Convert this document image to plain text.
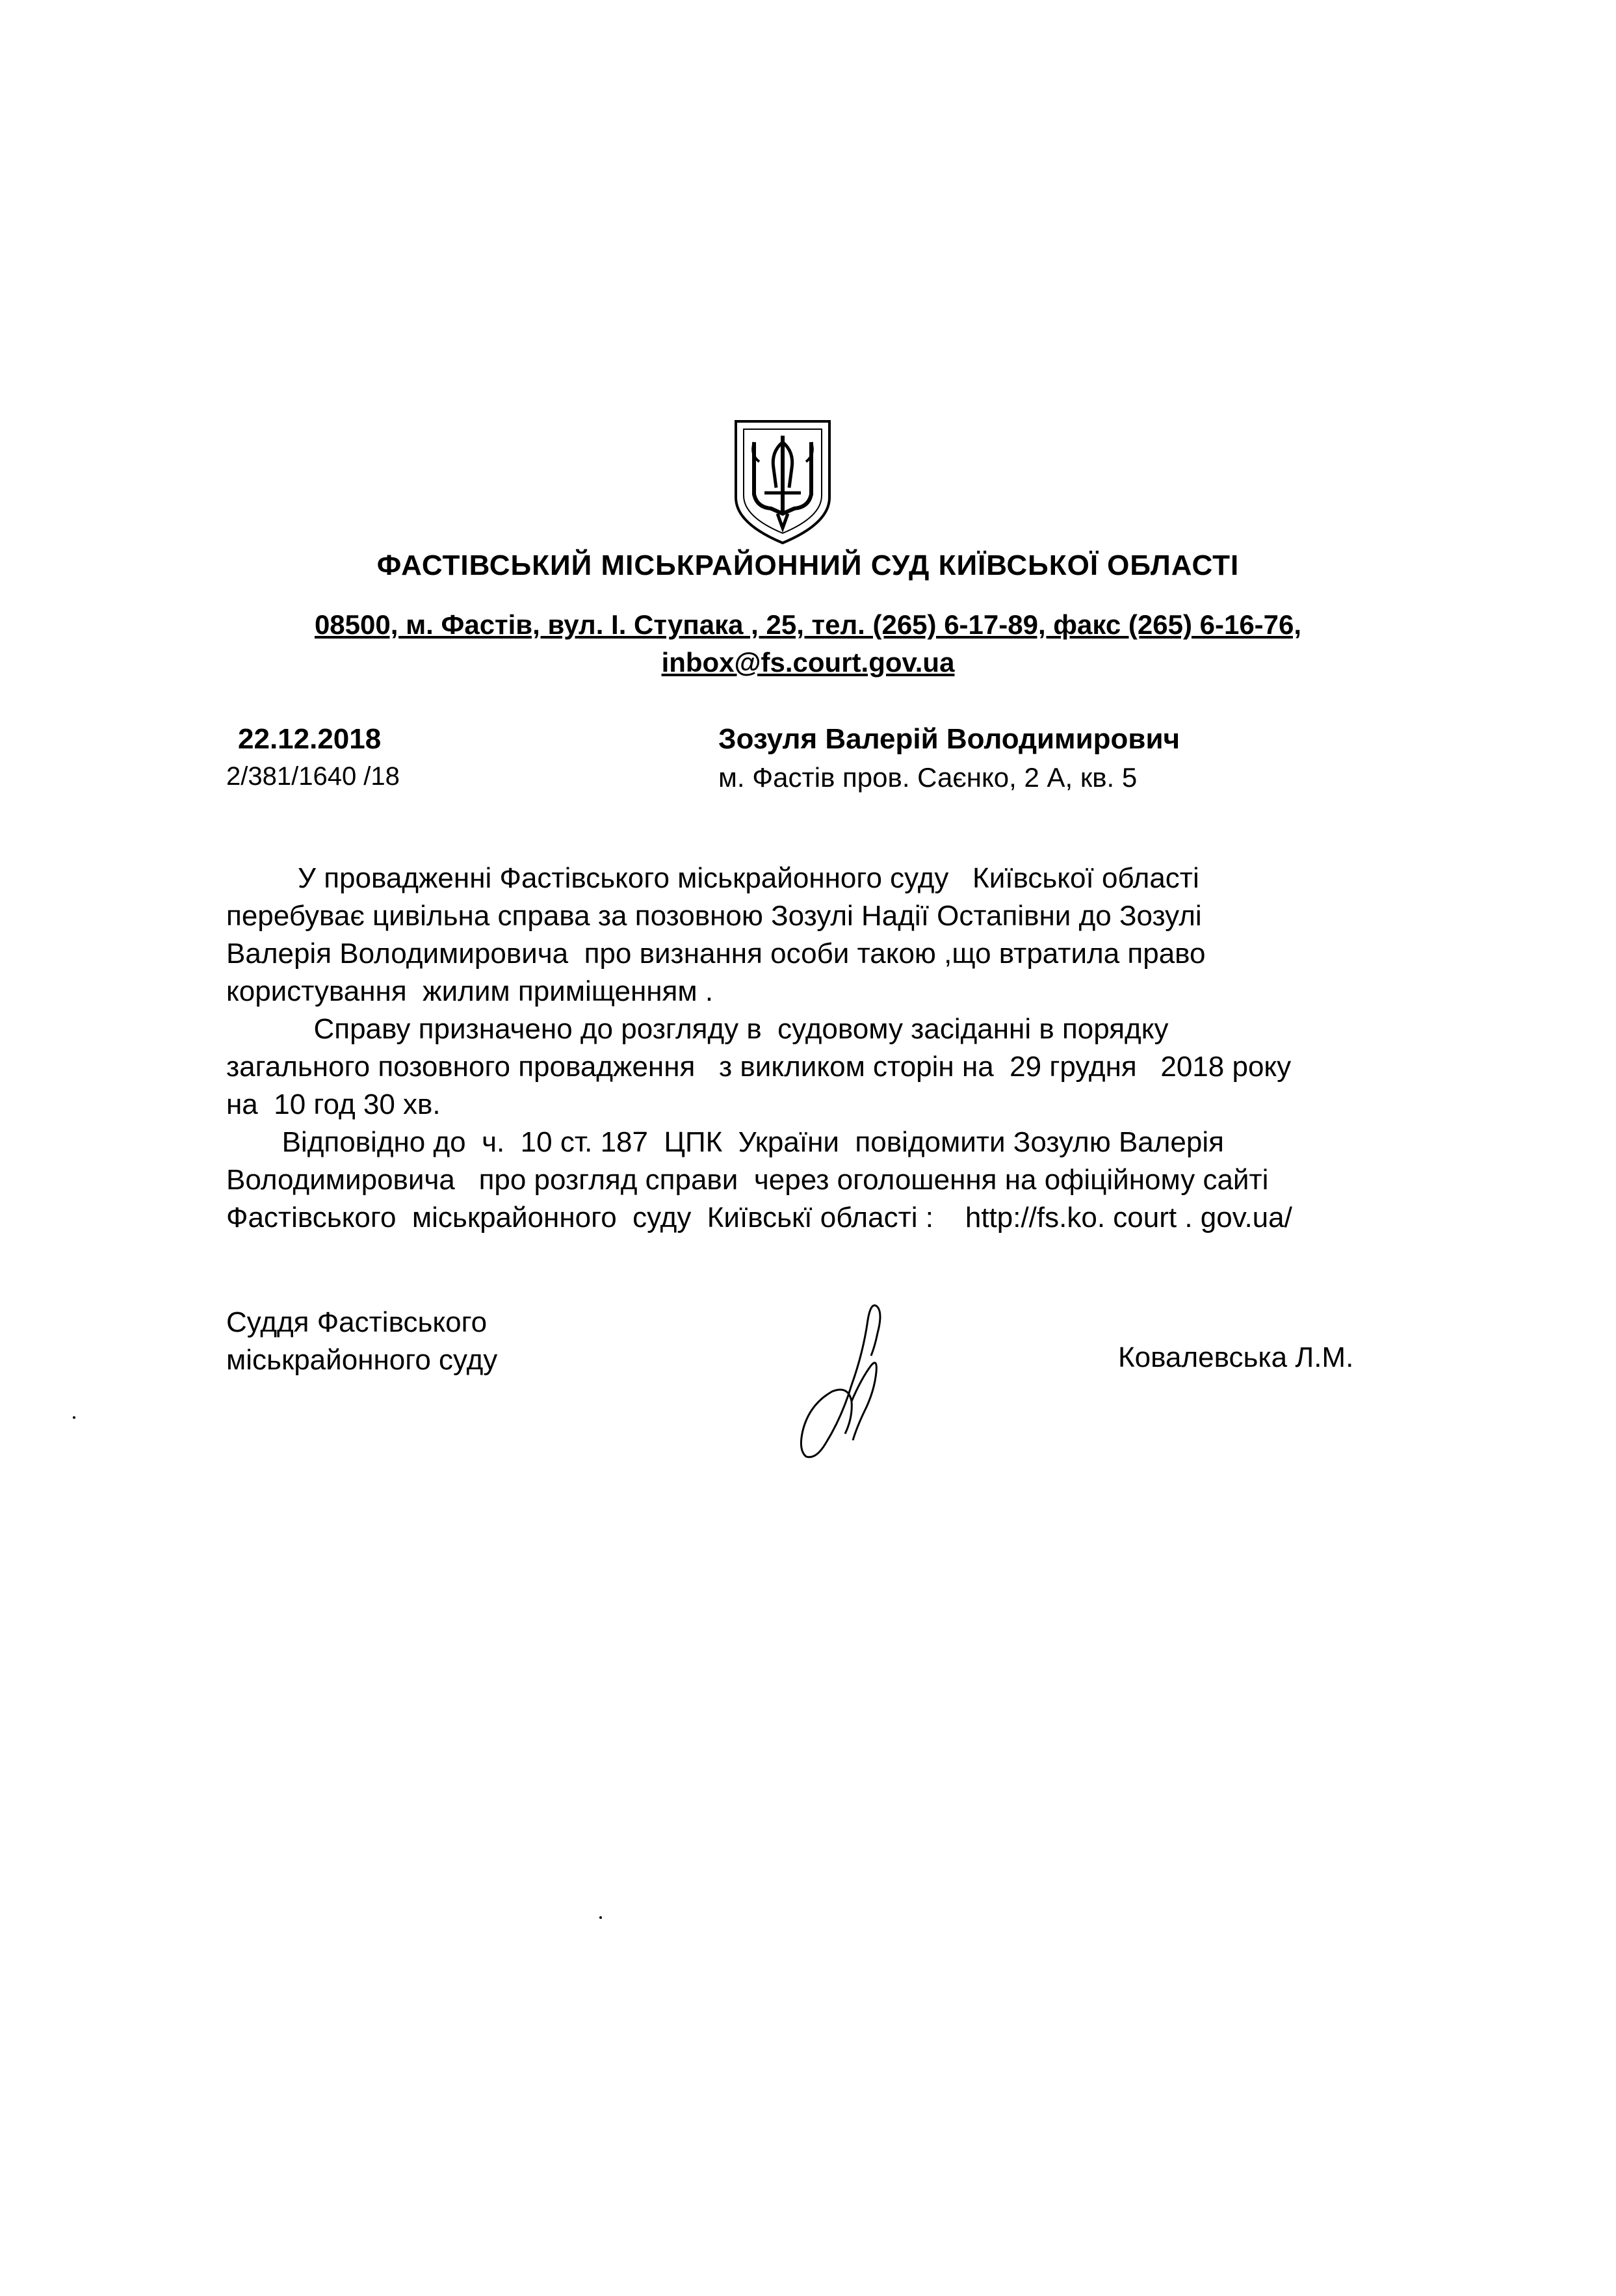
ФАСТІВСЬКИЙ МІСЬКРАЙОННИЙ СУД КИЇВСЬКОЇ ОБЛАСТІ
08500, м. Фастів, вул. І. Ступака , 25, тел. (265) 6-17-89, факс (265) 6-16-76,
inbox@fs.court.gov.ua
22.12.2018
2/381/1640 /18
Зозуля Валерій Володимирович
м. Фастів пров. Саєнко, 2 А, кв. 5
У провадженні Фастівського міськрайонного суду   Київської області
перебуває цивільна справа за позовною Зозулі Надії Остапівни до Зозулі
Валерія Володимировича  про визнання особи такою ,що втратила право
користування  жилим приміщенням .
Справу призначено до розгляду в  судовому засіданні в порядку
загального позовного провадження   з викликом сторін на  29 грудня   2018 року
на  10 год 30 хв.
Відповідно до  ч.  10 ст. 187  ЦПК  України  повідомити Зозулю Валерія
Володимировича   про розгляд справи  через оголошення на офіційному сайті
Фастівського  міськрайонного  суду  Київськї області :    http://fs.ko. court . gov.ua/
Суддя Фастівського
міськрайонного суду	Ковалевська Л.М.
